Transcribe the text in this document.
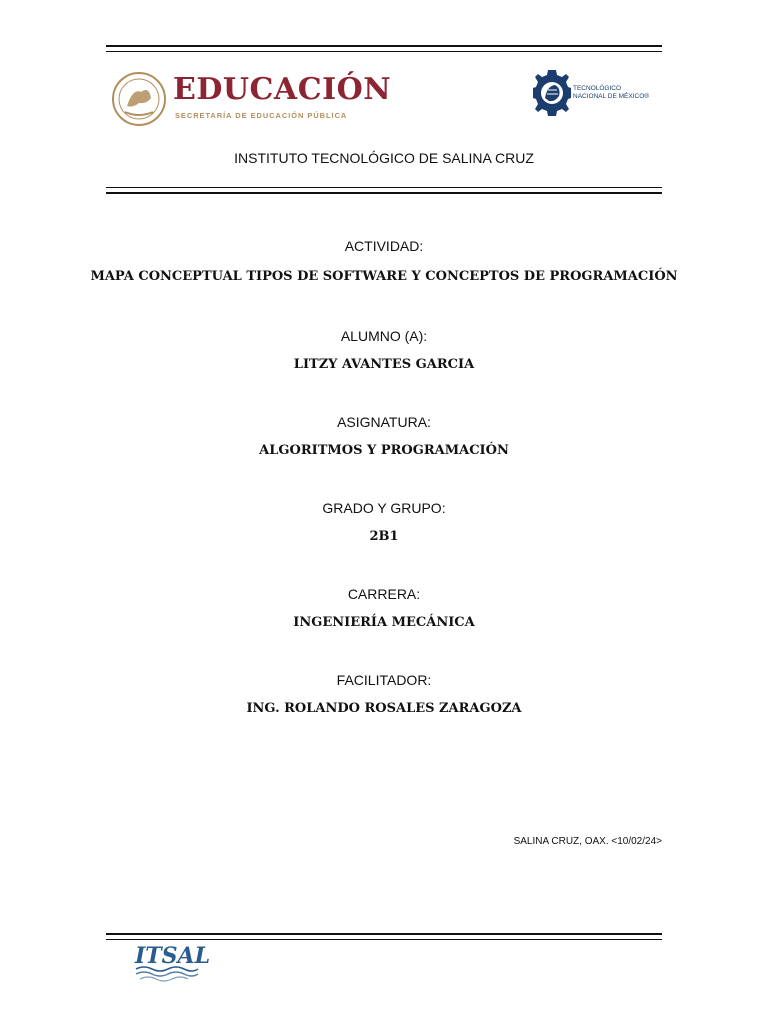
EDUCACIÓN
SECRETARÍA DE EDUCACIÓN PÚBLICA
TECNOLÓGICO
NACIONAL DE MÉXICO®
INSTITUTO TECNOLÓGICO DE SALINA CRUZ
ACTIVIDAD:
MAPA CONCEPTUAL TIPOS DE SOFTWARE Y CONCEPTOS DE PROGRAMACIÓN
ALUMNO (A):
LITZY AVANTES GARCIA
ASIGNATURA:
ALGORITMOS Y PROGRAMACIÓN
GRADO Y GRUPO:
2B1
CARRERA:
INGENIERÍA MECÁNICA
FACILITADOR:
ING. ROLANDO ROSALES ZARAGOZA
SALINA CRUZ, OAX. <10/02/24>
ITSAL
